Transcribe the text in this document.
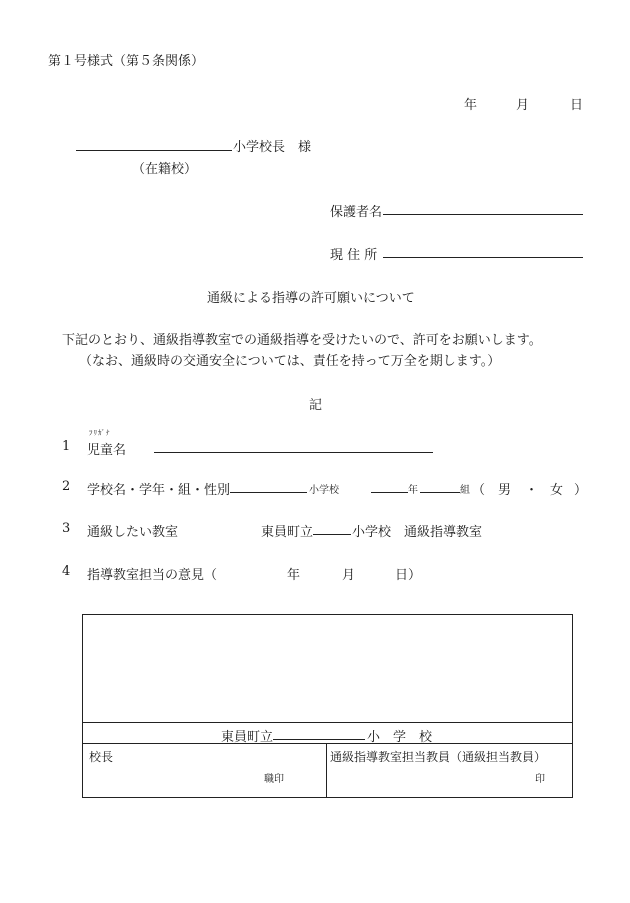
第１号様式（第５条関係）
年	月	日
小学校長　様
（在籍校）
保護者名
現 住 所
通級による指導の許可願いについて
下記のとおり、通級指導教室での通級指導を受けたいので、許可をお願いします。
（なお、通級時の交通安全については、責任を持って万全を期します。）
記
1
ﾌﾘｶﾞﾅ
児童名
2 学校名・学年・組・性別	小学校	年	組 （ 男 ・ 女 ）
3 通級したい教室	東員町立	小学校　通級指導教室
4 指導教室担当の意見（	年	月	日）
東員町立	小　学　校
校長
職印
通級指導教室担当教員（通級担当教員）
印
